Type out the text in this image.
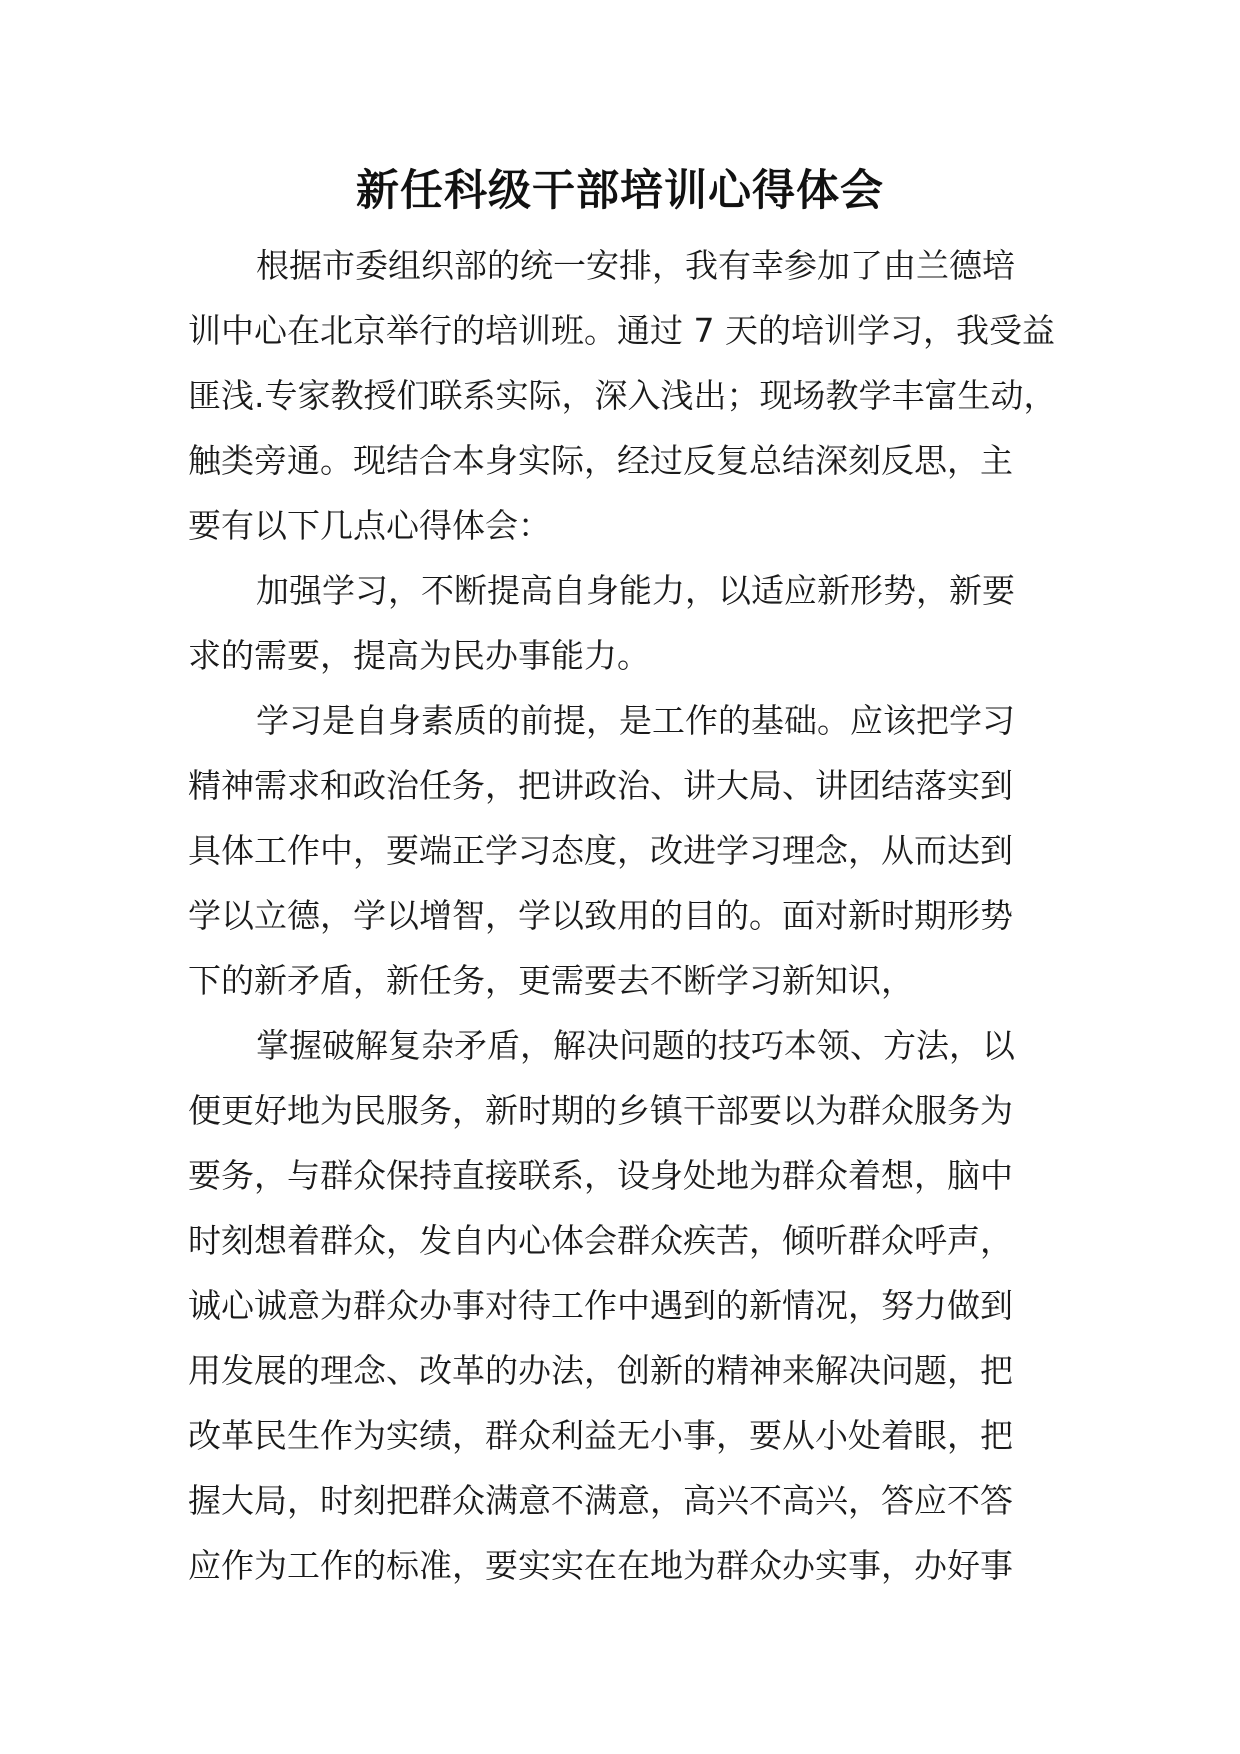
新任科级干部培训心得体会
根据市委组织部的统一安排，我有幸参加了由兰德培
训中心在北京举行的培训班。通过 7 天的培训学习，我受益
匪浅.专家教授们联系实际，深入浅出；现场教学丰富生动，
触类旁通。现结合本身实际，经过反复总结深刻反思，主
要有以下几点心得体会：
加强学习，不断提高自身能力，以适应新形势，新要
求的需要，提高为民办事能力。
学习是自身素质的前提，是工作的基础。应该把学习
精神需求和政治任务，把讲政治、讲大局、讲团结落实到
具体工作中，要端正学习态度，改进学习理念，从而达到
学以立德，学以增智，学以致用的目的。面对新时期形势
下的新矛盾，新任务，更需要去不断学习新知识，
掌握破解复杂矛盾，解决问题的技巧本领、方法，以
便更好地为民服务，新时期的乡镇干部要以为群众服务为
要务，与群众保持直接联系，设身处地为群众着想，脑中
时刻想着群众，发自内心体会群众疾苦，倾听群众呼声，
诚心诚意为群众办事对待工作中遇到的新情况，努力做到
用发展的理念、改革的办法，创新的精神来解决问题，把
改革民生作为实绩，群众利益无小事，要从小处着眼，把
握大局，时刻把群众满意不满意，高兴不高兴，答应不答
应作为工作的标准，要实实在在地为群众办实事，办好事
